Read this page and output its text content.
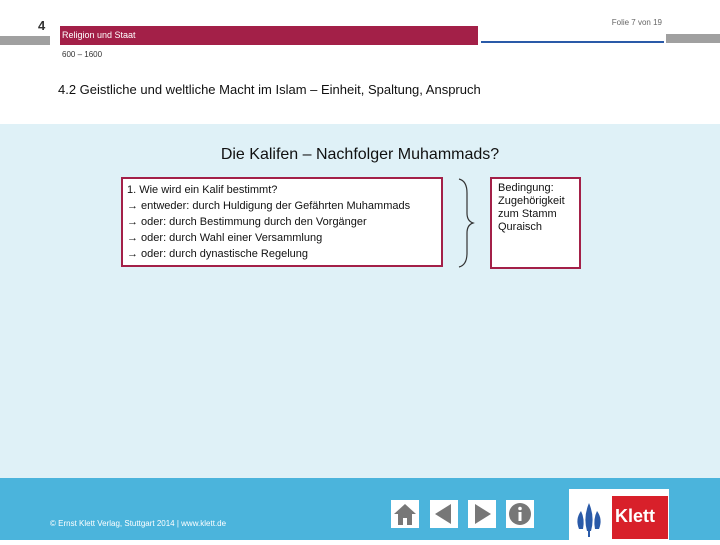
4
Religion und Staat
Folie 7 von 19
600 – 1600
4.2 Geistliche und weltliche Macht im Islam – Einheit, Spaltung, Anspruch
Die Kalifen – Nachfolger Muhammads?
1. Wie wird ein Kalif bestimmt?
→ entweder: durch Huldigung der Gefährten Muhammads
→ oder: durch Bestimmung durch den Vorgänger
→ oder: durch Wahl einer Versammlung
→ oder: durch dynastische Regelung
Bedingung:
Zugehörigkeit
zum Stamm
Quraisch
© Ernst Klett Verlag, Stuttgart 2014 | www.klett.de	Klett
